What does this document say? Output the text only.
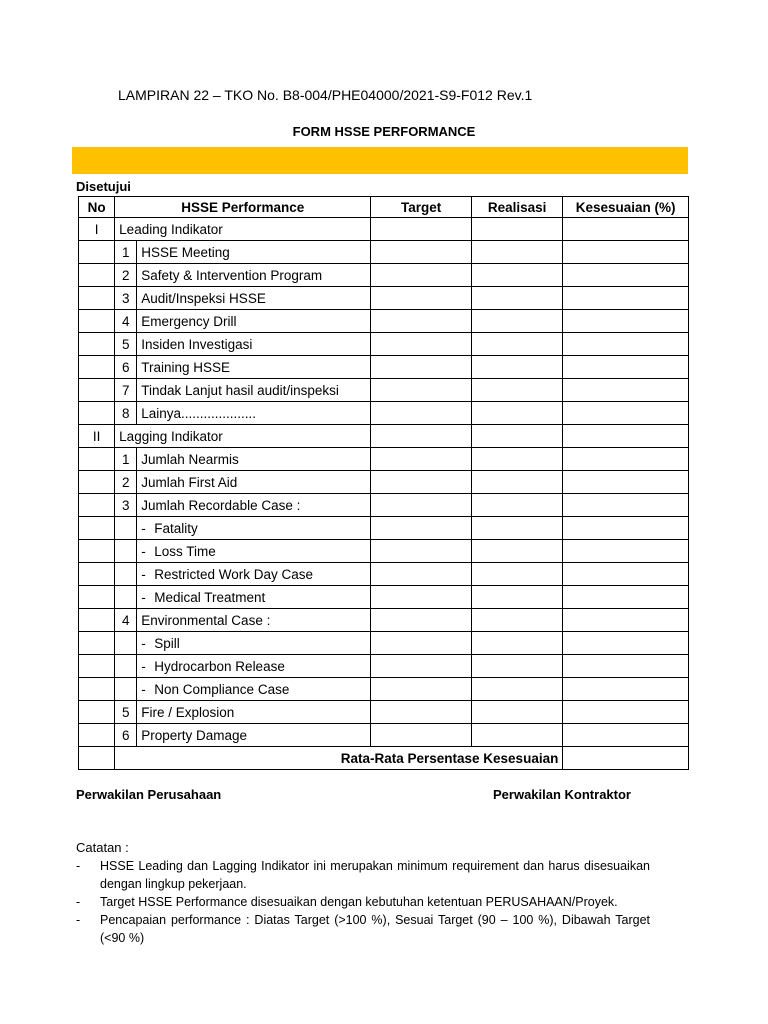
LAMPIRAN 22 – TKO No. B8-004/PHE04000/2021-S9-F012 Rev.1
FORM HSSE PERFORMANCE
Disetujui
No	HSSE Performance		Target	Realisasi	Kesesuaian (%)
I	Leading Indikator				
	1	HSSE Meeting			
	2	Safety & Intervention Program			
	3	Audit/Inspeksi HSSE			
	4	Emergency Drill			
	5	Insiden Investigasi			
	6	Training HSSE			
	7	Tindak Lanjut hasil audit/inspeksi			
	8	Lainya....................			
II	Lagging Indikator				
	1	Jumlah Nearmis			
	2	Jumlah First Aid			
	3	Jumlah Recordable Case :			
		- Fatality			
		- Loss Time			
		- Restricted Work Day Case			
		- Medical Treatment			
	4	Environmental Case :			
		- Spill			
		- Hydrocarbon Release			
		- Non Compliance Case			
	5	Fire / Explosion			
	6	Property Damage			
	Rata-Rata Persentase Kesesuaian				
Perwakilan Perusahaan	Perwakilan Kontraktor
Catatan :
-	HSSE Leading dan Lagging Indikator ini merupakan minimum requirement dan harus disesuaikan dengan lingkup pekerjaan.
-	Target HSSE Performance disesuaikan dengan kebutuhan ketentuan PERUSAHAAN/Proyek.
-	Pencapaian performance : Diatas Target (>100 %), Sesuai Target (90 – 100 %), Dibawah Target (<90 %)
